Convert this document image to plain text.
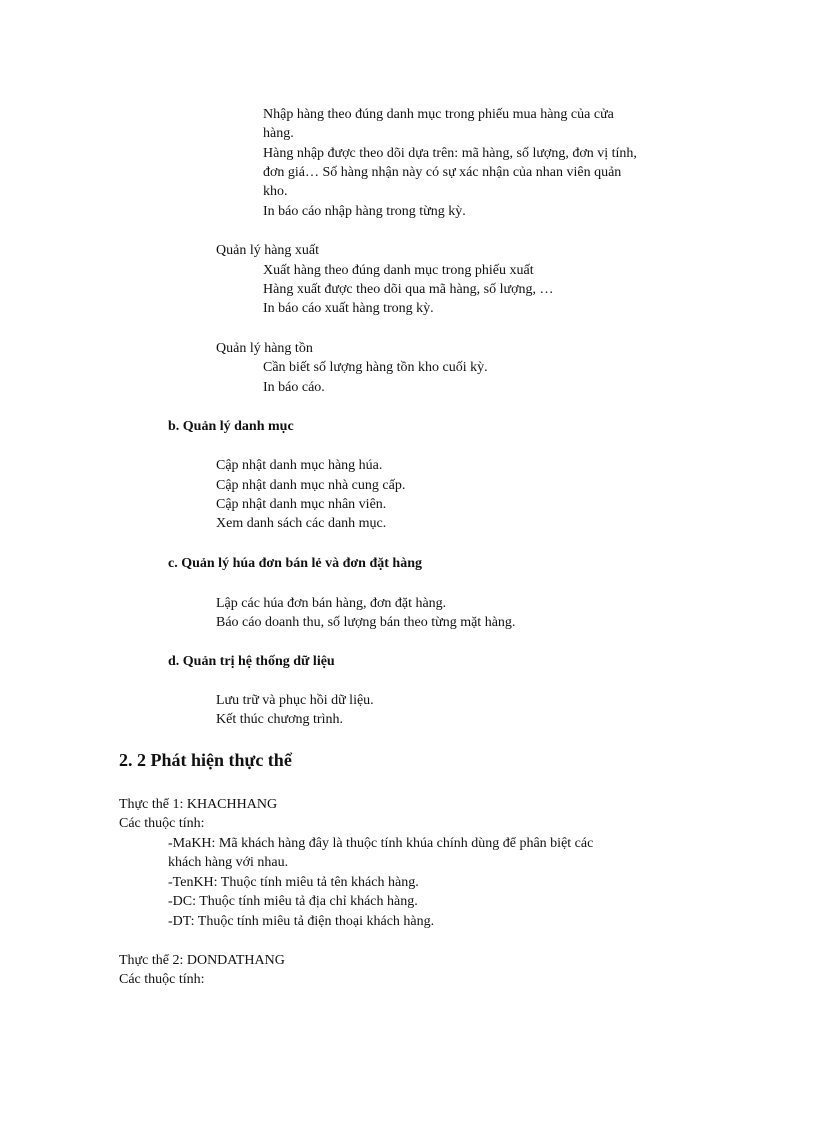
Nhập hàng theo đúng danh mục trong phiếu mua hàng của cửa
hàng.
Hàng nhập được theo dõi dựa trên: mã hàng, số lượng, đơn vị tính,
đơn giá… Số hàng nhận này có sự xác nhận của nhan viên quản
kho.
In báo cáo nhập hàng trong từng kỳ.
Quản lý hàng xuất
Xuất hàng theo đúng danh mục trong phiếu xuất
Hàng xuất được theo dõi qua mã hàng, số lượng, …
In báo cáo xuất hàng trong kỳ.
Quản lý hàng tồn
Cần biết số lượng hàng tồn kho cuối kỳ.
In báo cáo.
b. Quản lý danh mục
Cập nhật danh mục hàng húa.
Cập nhật danh mục nhà cung cấp.
Cập nhật danh mục nhân viên.
Xem danh sách các danh mục.
c. Quản lý húa đơn bán lẻ và đơn đặt hàng
Lập các húa đơn bán hàng, đơn đặt hàng.
Báo cáo doanh thu, số lượng bán theo từng mặt hàng.
d. Quản trị hệ thống dữ liệu
Lưu trữ và phục hồi dữ liệu.
Kết thúc chương trình.
2. 2 Phát hiện thực thể
Thực thể 1: KHACHHANG
Các thuộc tính:
-MaKH: Mã khách hàng đây là thuộc tính khúa chính dùng để phân biệt các
khách hàng với nhau.
-TenKH: Thuộc tính miêu tả tên khách hàng.
-DC: Thuộc tính miêu tả địa chỉ khách hàng.
-DT: Thuộc tính miêu tả điện thoại khách hàng.
Thực thể 2: DONDATHANG
Các thuộc tính:
